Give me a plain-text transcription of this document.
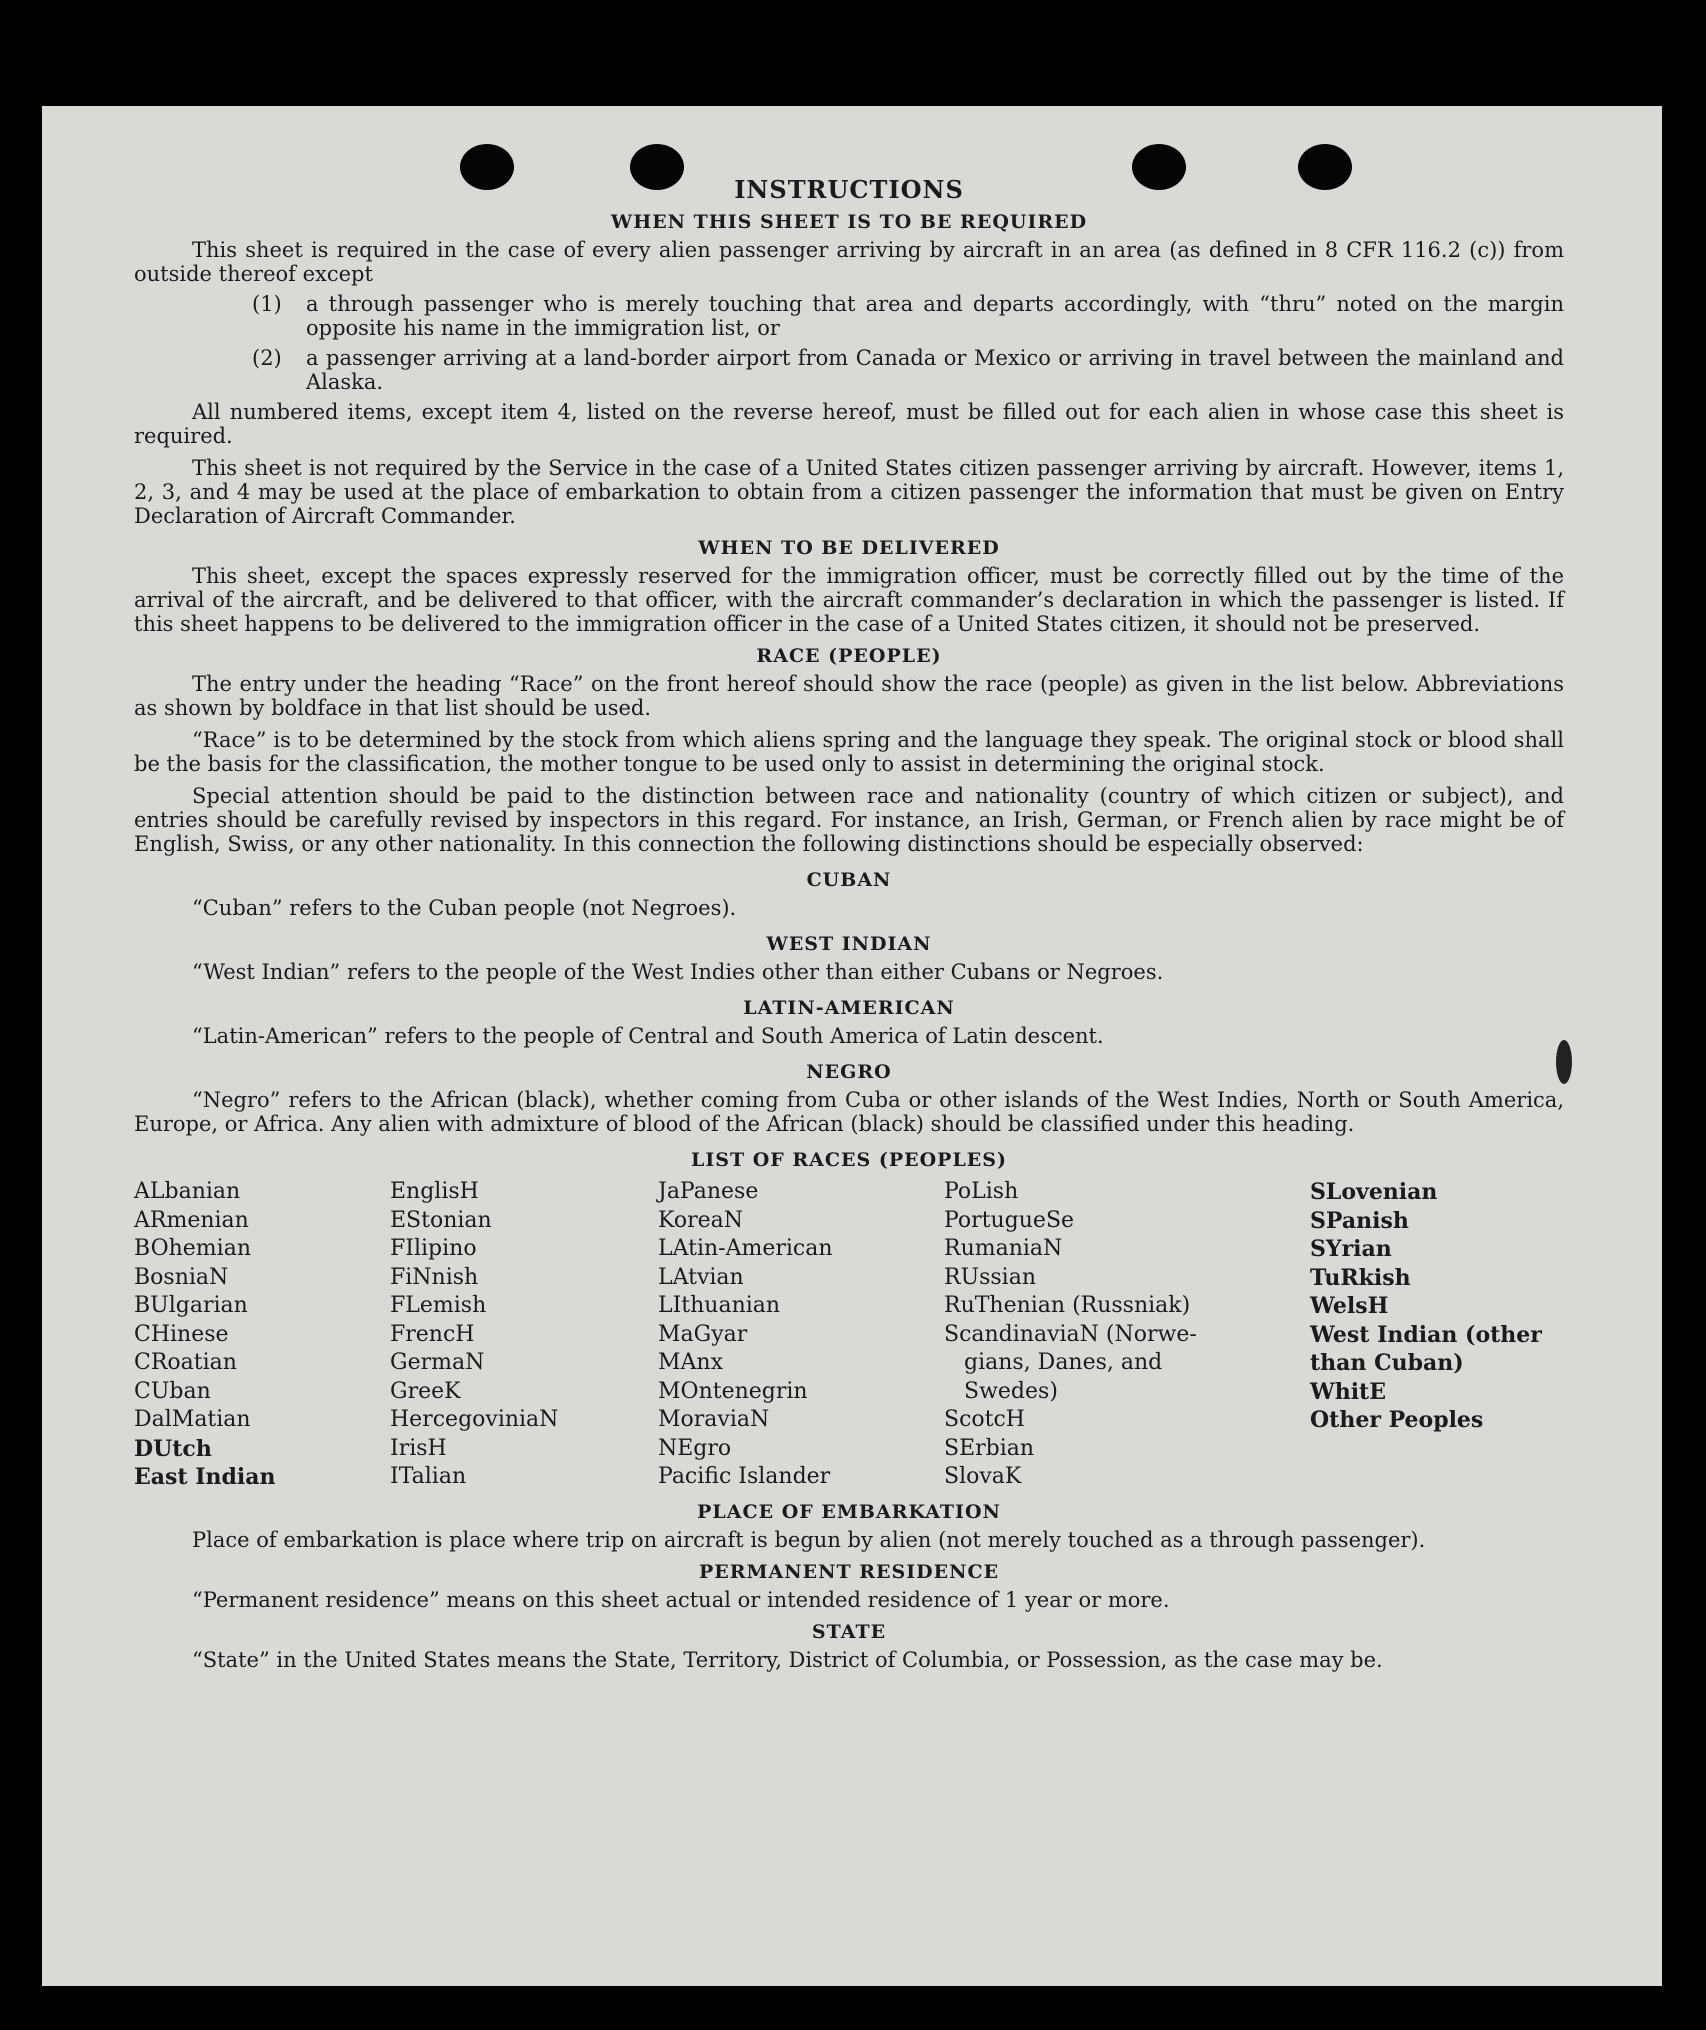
INSTRUCTIONS
WHEN THIS SHEET IS TO BE REQUIRED

This sheet is required in the case of every alien passenger arriving by aircraft in an area (as defined in 8 CFR 116.2 (c)) from outside thereof except

(1)	a through passenger who is merely touching that area and departs accordingly, with “thru” noted on the margin opposite his name in the immigration list, or
(2)	a passenger arriving at a land-border airport from Canada or Mexico or arriving in travel between the mainland and Alaska.

All numbered items, except item 4, listed on the reverse hereof, must be filled out for each alien in whose case this sheet is required.

This sheet is not required by the Service in the case of a United States citizen passenger arriving by aircraft. However, items 1, 2, 3, and 4 may be used at the place of embarkation to obtain from a citizen passenger the information that must be given on Entry Declaration of Aircraft Commander.

WHEN TO BE DELIVERED

This sheet, except the spaces expressly reserved for the immigration officer, must be correctly filled out by the time of the arrival of the aircraft, and be delivered to that officer, with the aircraft commander’s declaration in which the passenger is listed. If this sheet happens to be delivered to the immigration officer in the case of a United States citizen, it should not be preserved.

RACE (PEOPLE)

The entry under the heading “Race” on the front hereof should show the race (people) as given in the list below. Abbreviations as shown by boldface in that list should be used.

“Race” is to be determined by the stock from which aliens spring and the language they speak. The original stock or blood shall be the basis for the classification, the mother tongue to be used only to assist in determining the original stock.

Special attention should be paid to the distinction between race and nationality (country of which citizen or subject), and entries should be carefully revised by inspectors in this regard. For instance, an Irish, German, or French alien by race might be of English, Swiss, or any other nationality. In this connection the following distinctions should be especially observed:

CUBAN
“Cuban” refers to the Cuban people (not Negroes).
WEST INDIAN
“West Indian” refers to the people of the West Indies other than either Cubans or Negroes.
LATIN-AMERICAN
“Latin-American” refers to the people of Central and South America of Latin descent.
NEGRO

“Negro” refers to the African (black), whether coming from Cuba or other islands of the West Indies, North or South America, Europe, or Africa. Any alien with admixture of blood of the African (black) should be classified under this heading.

LIST OF RACES (PEOPLES)
ALbanian
ARmenian
BOhemian
BosniaN
BUlgarian
CHinese
CRoatian
CUban
DalMatian
DUtch
East Indian
EnglisH
EStonian
FIlipino
FiNnish
FLemish
FrencH
GermaN
GreeK
HercegoviniaN
IrisH
ITalian
JaPanese
KoreaN
LAtin-American
LAtvian
LIthuanian
MaGyar
MAnx
MOntenegrin
MoraviaN
NEgro
Pacific Islander
PoLish
PortugueSe
RumaniaN
RUssian
RuThenian (Russniak)
ScandinaviaN (Norwe-
gians, Danes, and
Swedes)
ScotcH
SErbian
SlovaK
SLovenian
SPanish
SYrian
TuRkish
WelsH
West Indian (other
than Cuban)
WhitE
Other Peoples
PLACE OF EMBARKATION

Place of embarkation is place where trip on aircraft is begun by alien (not merely touched as a through passenger).

PERMANENT RESIDENCE

“Permanent residence” means on this sheet actual or intended residence of 1 year or more.

STATE

“State” in the United States means the State, Territory, District of Columbia, or Possession, as the case may be.
